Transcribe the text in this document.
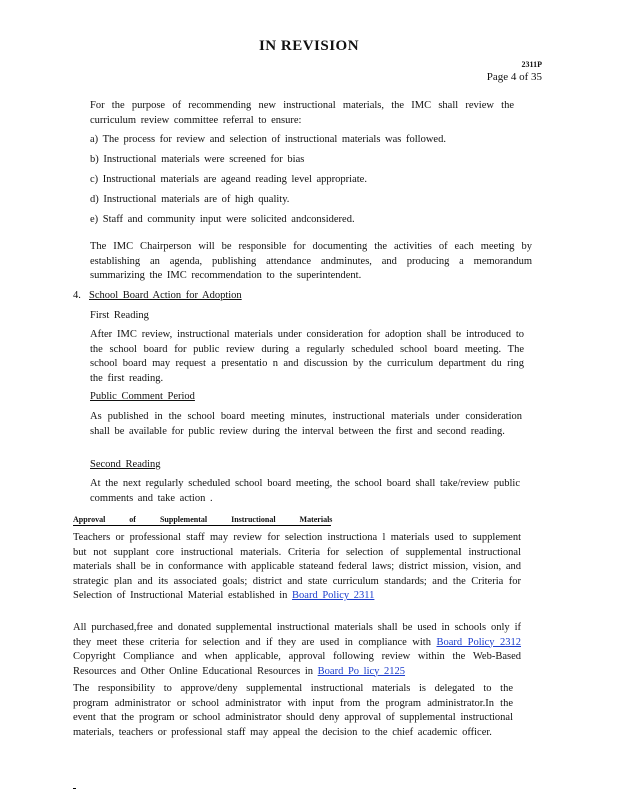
IN REVISION
2311P
Page 4 of 35

For the purpose of recommending new instructional materials, the IMC shall review the curriculum review committee referral to ensure:

a) The process for review and selection of instructional materials was followed.

b) Instructional materials were screened for bias

c) Instructional materials are ageand reading level appropriate.

d) Instructional materials are of high quality.

e) Staff and community input were solicited andconsidered.

The IMC Chairperson will be responsible for documenting the activities of each meeting by establishing an agenda, publishing attendance andminutes, and producing a memorandum summarizing the IMC recommendation to the superintendent.

4. School Board Action for Adoption
First Reading

After IMC review, instructional materials under consideration for adoption shall be introduced to the school board for public review during a regularly scheduled school board meeting. The school board may request a presentatio n and discussion by the curriculum department du ring the first reading.

Public Comment Period

As published in the school board meeting minutes, instructional materials under consideration shall be available for public review during the interval between the first and second reading.

Second Reading

At the next regularly scheduled school board meeting, the school board shall take/review public comments and take action .

Approval of Supplemental Instructional Materials

Teachers or professional staff may review for selection instructiona l materials used to supplement but not supplant core instructional materials. Criteria for selection of supplemental instructional materials shall be in conformance with applicable stateand federal laws; district mission, vision, and strategic plan and its associated goals; district and state curriculum standards; and the Criteria for Selection of Instructional Material established in Board Policy 2311

All purchased,free and donated supplemental instructional materials shall be used in schools only if they meet these criteria for selection and if they are used in compliance with Board Policy 2312 Copyright Compliance and when applicable, approval following review within the Web-Based Resources and Other Online Educational Resources in Board Po licy 2125

The responsibility to approve/deny supplemental instructional materials is delegated to the program administrator or school administrator with input from the program administrator.In the event that the program or school administrator should deny approval of supplemental instructional materials, teachers or professional staff may appeal the decision to the chief academic officer.
